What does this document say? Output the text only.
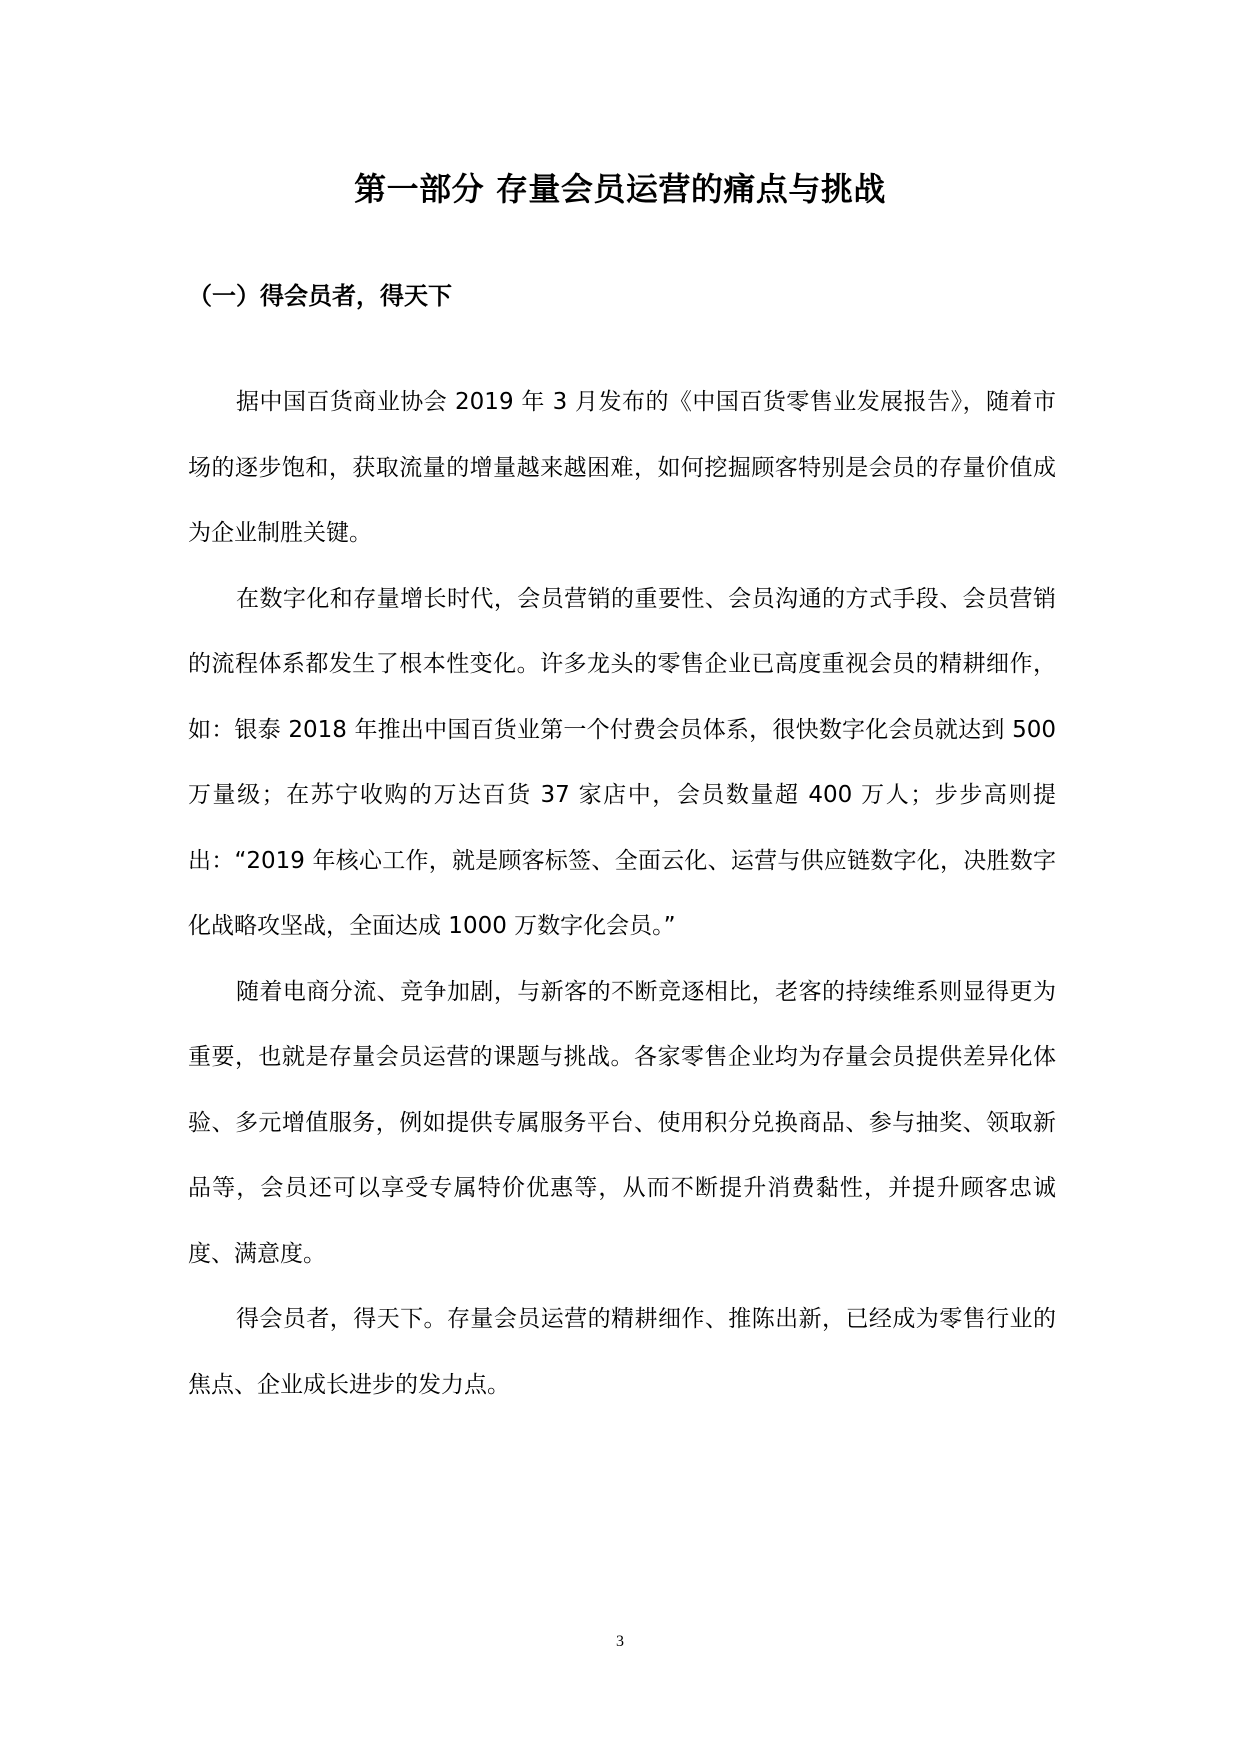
第一部分 存量会员运营的痛点与挑战
（一）得会员者，得天下

据中国百货商业协会 2019 年 3 月发布的《中国百货零售业发展报告》，随着市场的逐步饱和，获取流量的增量越来越困难，如何挖掘顾客特别是会员的存量价值成为企业制胜关键。

在数字化和存量增长时代，会员营销的重要性、会员沟通的方式手段、会员营销的流程体系都发生了根本性变化。许多龙头的零售企业已高度重视会员的精耕细作，如：银泰 2018 年推出中国百货业第一个付费会员体系，很快数字化会员就达到 500 万量级；在苏宁收购的万达百货 37 家店中，会员数量超 400 万人；步步高则提出：“2019 年核心工作，就是顾客标签、全面云化、运营与供应链数字化，决胜数字化战略攻坚战，全面达成 1000 万数字化会员。”

随着电商分流、竞争加剧，与新客的不断竞逐相比，老客的持续维系则显得更为重要，也就是存量会员运营的课题与挑战。各家零售企业均为存量会员提供差异化体验、多元增值服务，例如提供专属服务平台、使用积分兑换商品、参与抽奖、领取新品等，会员还可以享受专属特价优惠等，从而不断提升消费黏性，并提升顾客忠诚度、满意度。

得会员者，得天下。存量会员运营的精耕细作、推陈出新，已经成为零售行业的焦点、企业成长进步的发力点。

3
